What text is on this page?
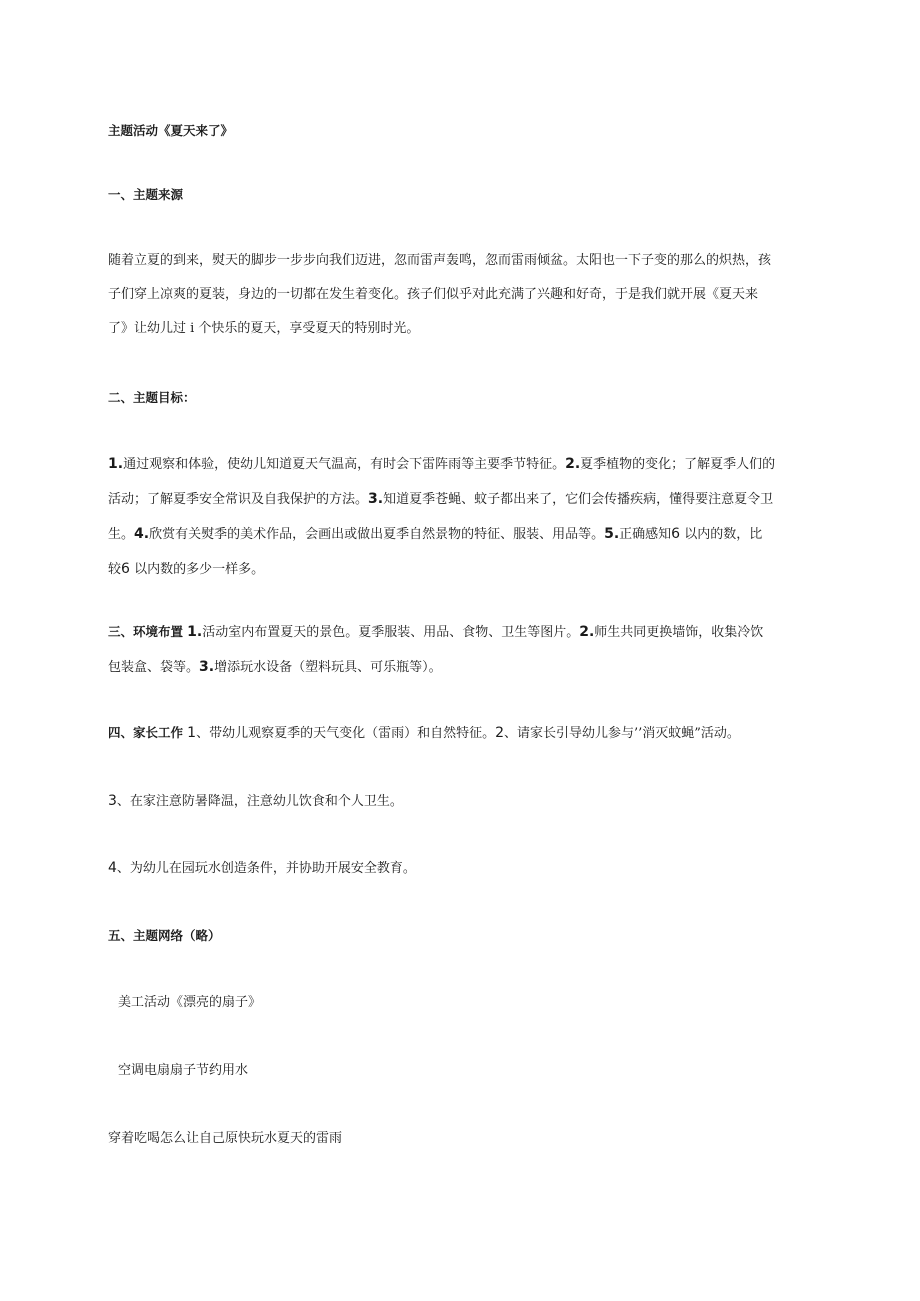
主题活动《夏天来了》
一、主题来源
随着立夏的到来，熨天的脚步一步步向我们迈进，忽而雷声轰鸣，忽而雷雨倾盆。太阳也一下子变的那么的炽热，孩
子们穿上凉爽的夏装，身边的一切都在发生着变化。孩子们似乎对此充满了兴趣和好奇，于是我们就开展《夏天来
了》让幼儿过 i 个快乐的夏天，享受夏天的特别时光。
二、主题目标：
1.通过观察和体验，使幼儿知道夏天气温高，有时会下雷阵雨等主要季节特征。2.夏季植物的变化；了解夏季人们的
活动；了解夏季安全常识及自我保护的方法。3.知道夏季苍蝇、蚊子都出来了，它们会传播疾病，懂得要注意夏令卫
生。4.欣赏有关熨季的美术作品，会画出或做出夏季自然景物的特征、服装、用品等。5.正确感知6 以内的数，比
较6 以内数的多少一样多。
三、环境布置 1.活动室内布置夏天的景色。夏季服装、用品、食物、卫生等图片。2.师生共同更换墙饰，收集冷饮
包装盒、袋等。3.增添玩水设备（塑料玩具、可乐瓶等）。
四、家长工作 1、带幼儿观察夏季的天气变化（雷雨）和自然特征。2、请家长引导幼儿参与’’消灭蚊蝇”活动。
3、在家注意防暑降温，注意幼儿饮食和个人卫生。
4、为幼儿在园玩水创造条件，并协助开展安全教育。
五、主题网络（略）
美工活动《漂亮的扇子》
空调电扇扇子节约用水
穿着吃喝怎么让自己原快玩水夏天的雷雨
